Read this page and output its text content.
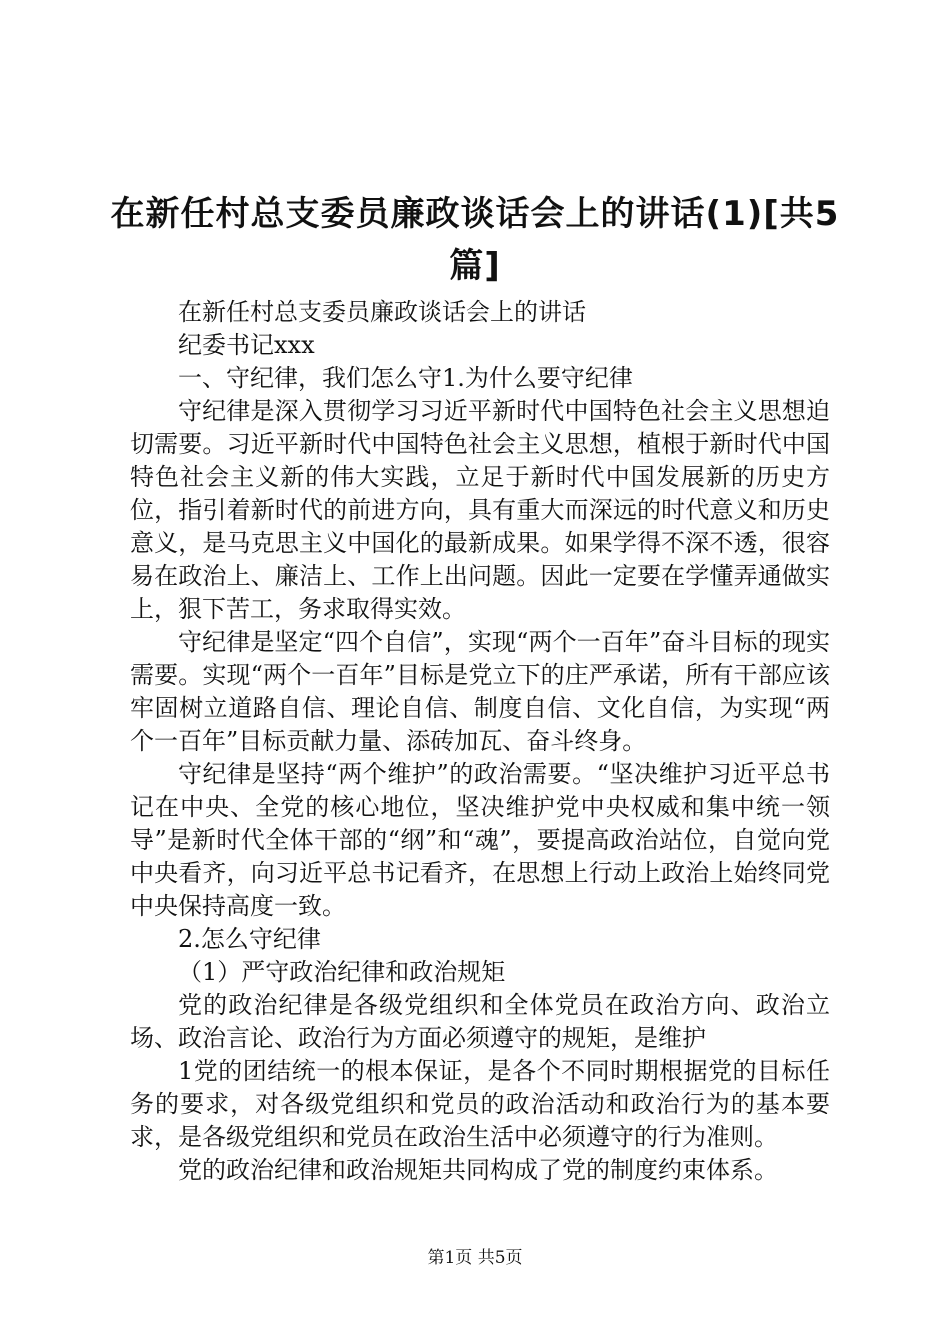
在新任村总支委员廉政谈话会上的讲话(1)[共5篇]

在新任村总支委员廉政谈话会上的讲话

纪委书记xxx

一、守纪律，我们怎么守1.为什么要守纪律

守纪律是深入贯彻学习习近平新时代中国特色社会主义思想迫切需要。习近平新时代中国特色社会主义思想，植根于新时代中国特色社会主义新的伟大实践，立足于新时代中国发展新的历史方位，指引着新时代的前进方向，具有重大而深远的时代意义和历史意义，是马克思主义中国化的最新成果。如果学得不深不透，很容易在政治上、廉洁上、工作上出问题。因此一定要在学懂弄通做实上，狠下苦工，务求取得实效。

守纪律是坚定“四个自信”，实现“两个一百年”奋斗目标的现实需要。实现“两个一百年”目标是党立下的庄严承诺，所有干部应该牢固树立道路自信、理论自信、制度自信、文化自信，为实现“两个一百年”目标贡献力量、添砖加瓦、奋斗终身。

守纪律是坚持“两个维护”的政治需要。“坚决维护习近平总书记在中央、全党的核心地位，坚决维护党中央权威和集中统一领导”是新时代全体干部的“纲”和“魂”，要提高政治站位，自觉向党中央看齐，向习近平总书记看齐，在思想上行动上政治上始终同党中央保持高度一致。

2.怎么守纪律

（1）严守政治纪律和政治规矩

党的政治纪律是各级党组织和全体党员在政治方向、政治立场、政治言论、政治行为方面必须遵守的规矩，是维护

1党的团结统一的根本保证，是各个不同时期根据党的目标任务的要求，对各级党组织和党员的政治活动和政治行为的基本要求，是各级党组织和党员在政治生活中必须遵守的行为准则。

党的政治纪律和政治规矩共同构成了党的制度约束体系。

第1页 共5页
